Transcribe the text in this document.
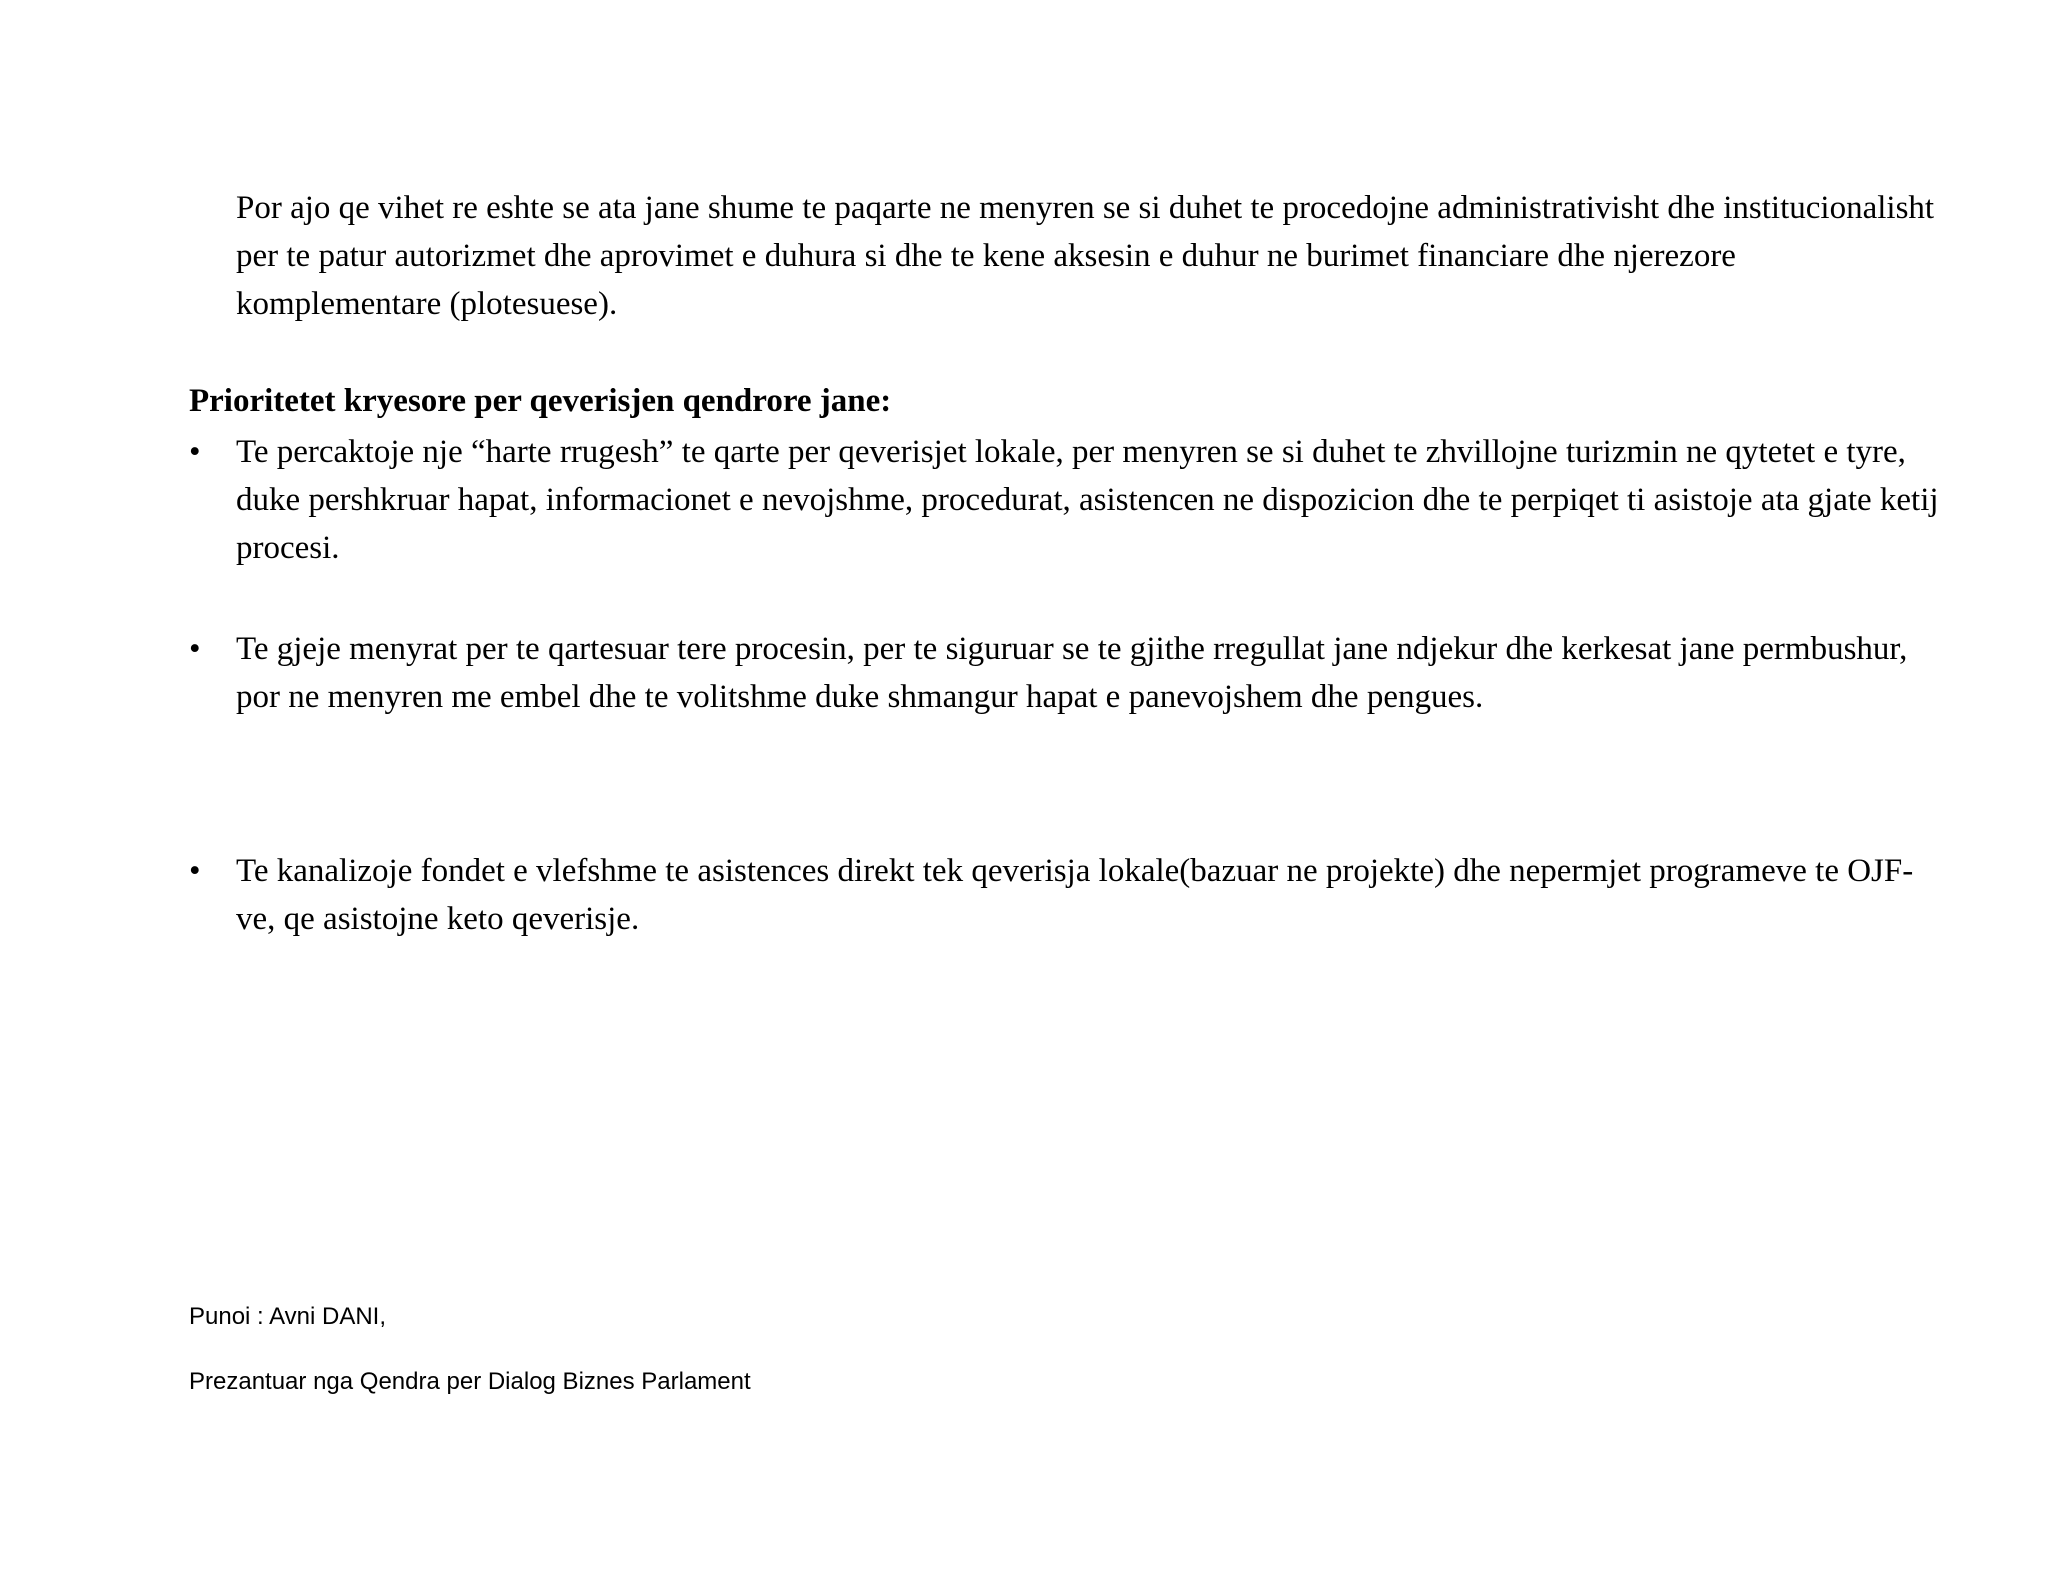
Por ajo qe vihet re eshte se ata jane shume te paqarte ne menyren se si duhet te procedojne administrativisht dhe institucionalisht per te patur autorizmet dhe aprovimet e duhura si dhe te kene aksesin e duhur ne burimet financiare dhe njerezore komplementare (plotesuese).

Prioritetet kryesore per qeverisjen qendrore jane:

•	Te percaktoje nje “harte rrugesh” te qarte per qeverisjet lokale, per menyren se si duhet te zhvillojne turizmin ne qytetet e tyre, duke pershkruar hapat, informacionet e nevojshme, procedurat, asistencen ne dispozicion dhe te perpiqet ti asistoje ata gjate ketij procesi.

•	Te gjeje menyrat per te qartesuar tere procesin, per te siguruar se te gjithe rregullat jane ndjekur dhe kerkesat jane permbushur, por ne menyren me embel dhe te volitshme duke shmangur hapat e panevojshem dhe pengues.

•	Te kanalizoje fondet e vlefshme te asistences direkt tek qeverisja lokale(bazuar ne projekte) dhe nepermjet programeve te OJF-ve, qe asistojne keto qeverisje.

Punoi : Avni DANI,

Prezantuar nga Qendra per Dialog Biznes Parlament
